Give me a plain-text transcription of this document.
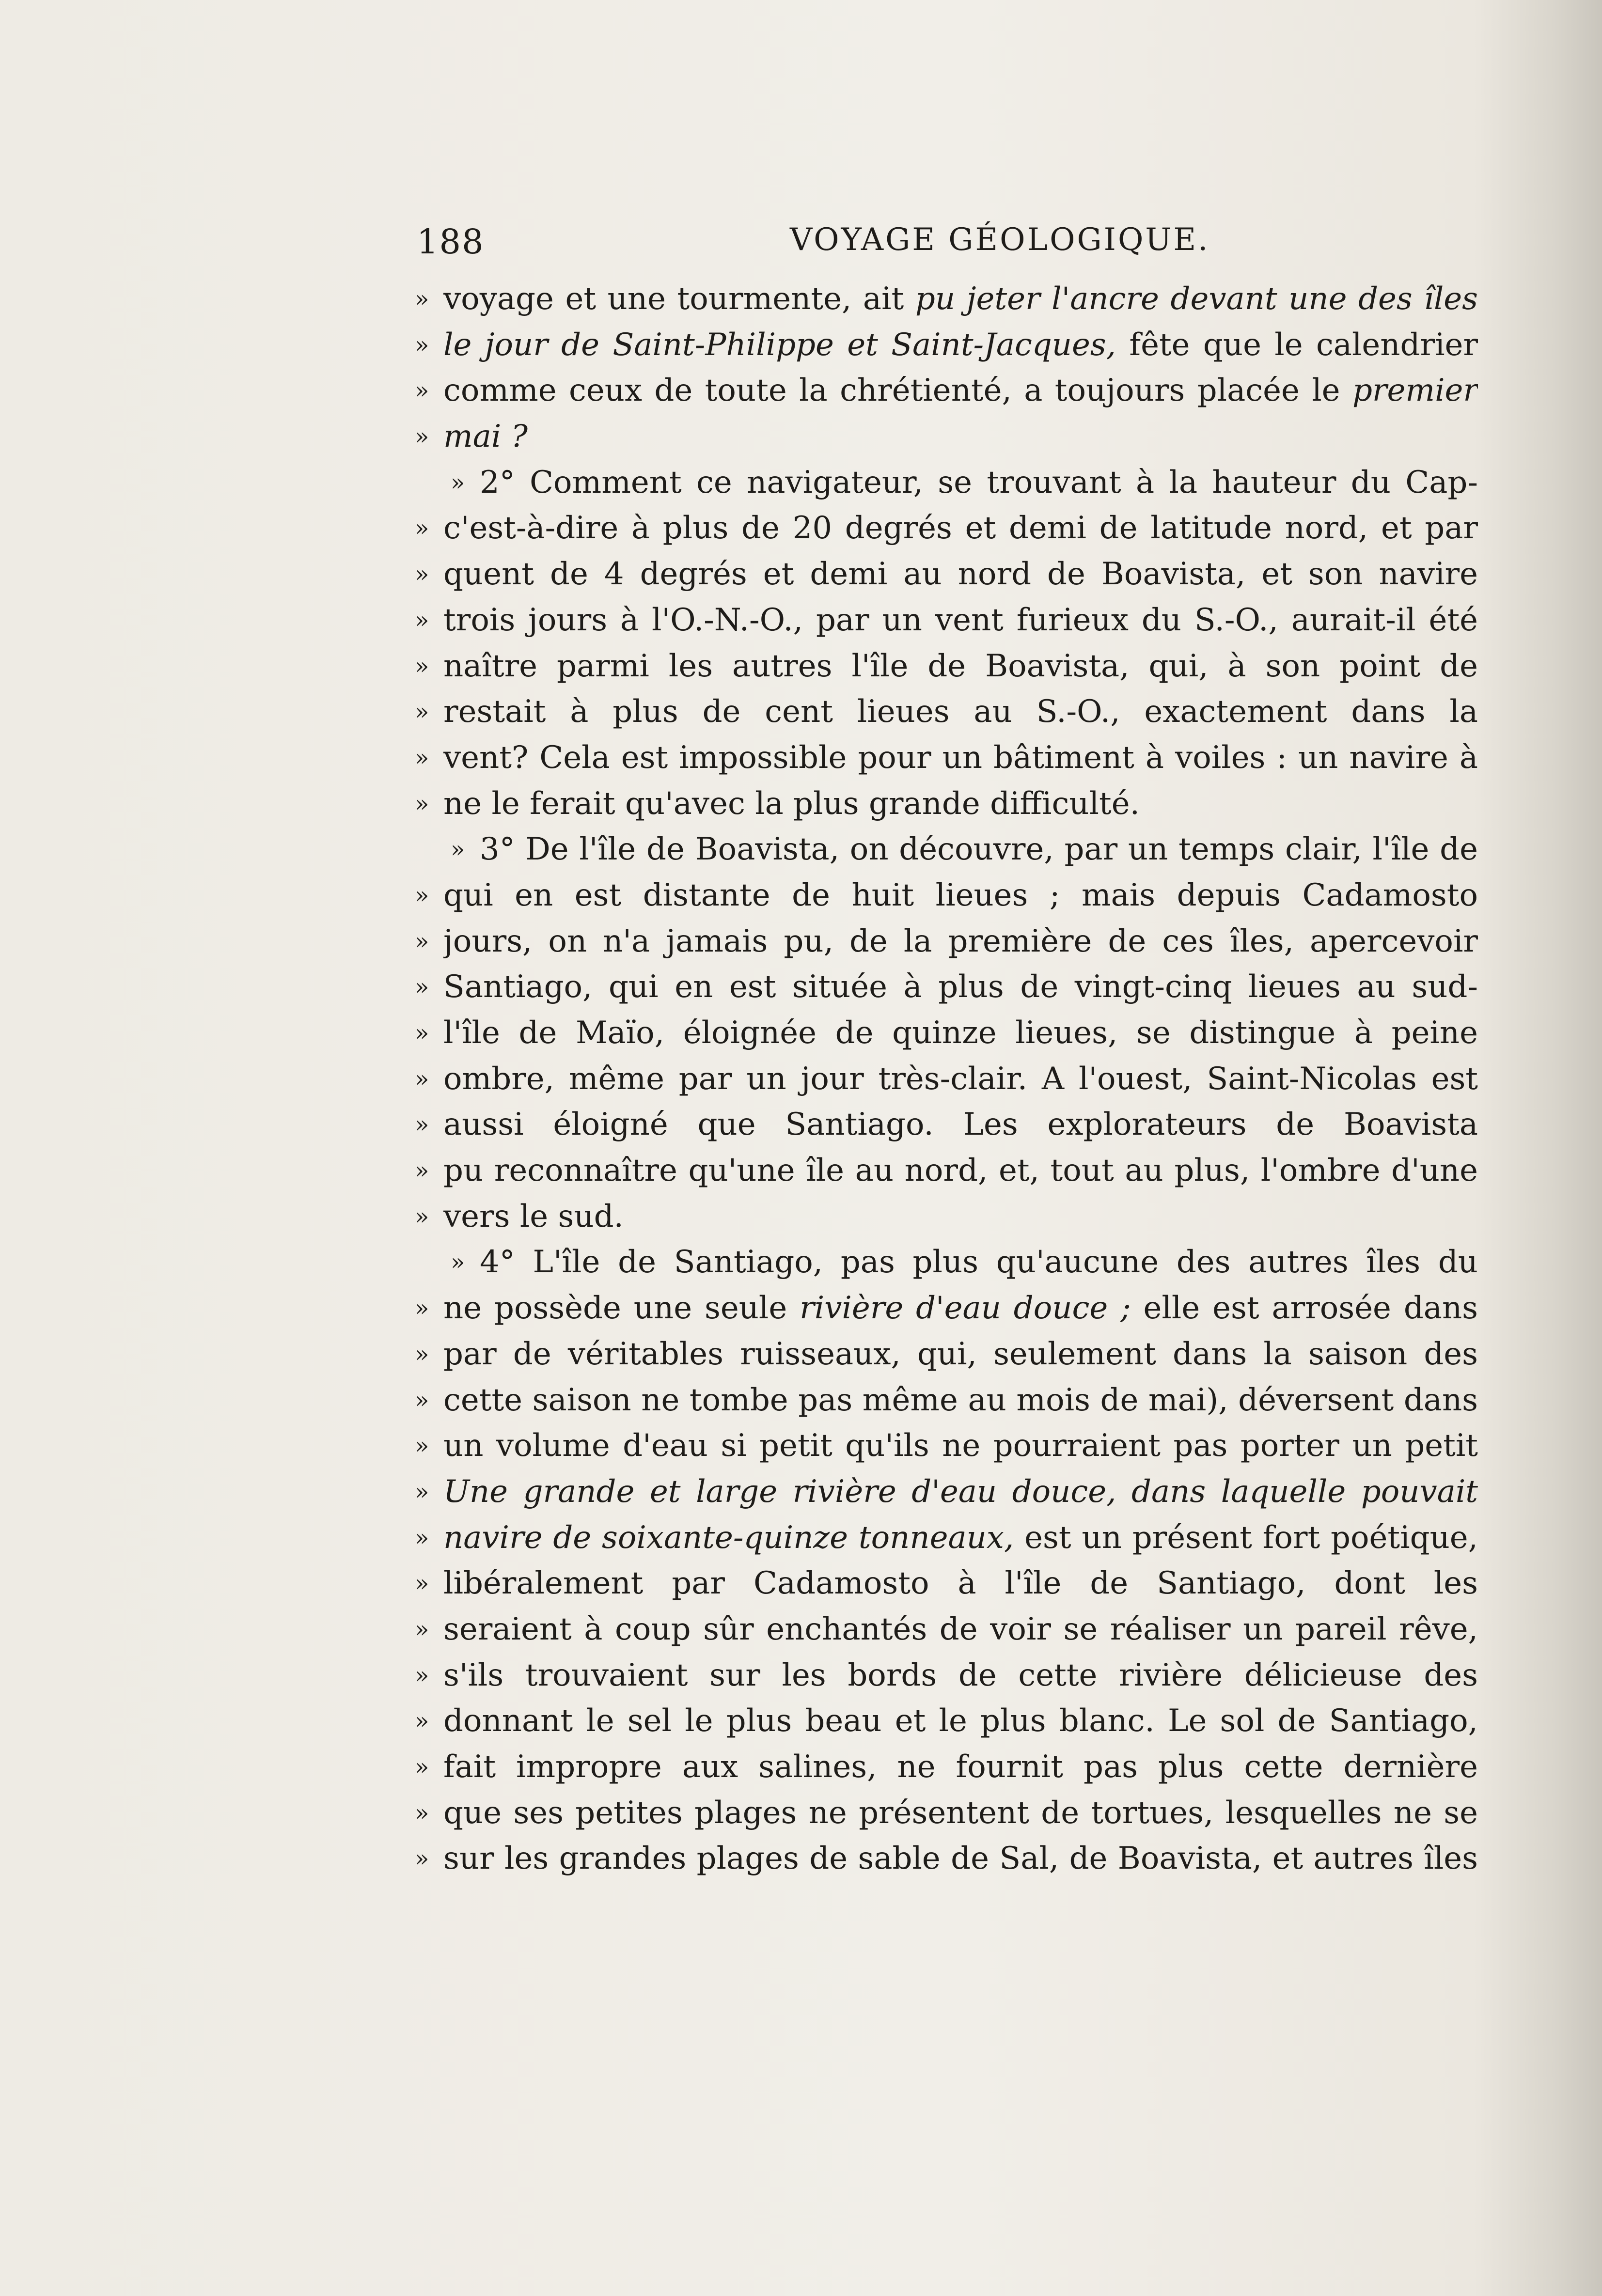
188	VOYAGE GÉOLOGIQUE.
» voyage et une tourmente, ait pu jeter l'ancre devant une des îles
» le jour de Saint-Philippe et Saint-Jacques, fête que le calendrier
» comme ceux de toute la chrétienté, a toujours placée le premier
» mai ?
» 2° Comment ce navigateur, se trouvant à la hauteur du Cap-
» c'est-à-dire à plus de 20 degrés et demi de latitude nord, et par
» quent de 4 degrés et demi au nord de Boavista, et son navire
» trois jours à l'O.-N.-O., par un vent furieux du S.-O., aurait-il été
» naître parmi les autres l'île de Boavista, qui, à son point de
» restait à plus de cent lieues au S.-O., exactement dans la
» vent? Cela est impossible pour un bâtiment à voiles : un navire à
» ne le ferait qu'avec la plus grande difficulté.
» 3° De l'île de Boavista, on découvre, par un temps clair, l'île de
» qui en est distante de huit lieues ; mais depuis Cadamosto
» jours, on n'a jamais pu, de la première de ces îles, apercevoir
» Santiago, qui en est située à plus de vingt-cinq lieues au sud-
» l'île de Maïo, éloignée de quinze lieues, se distingue à peine
» ombre, même par un jour très-clair. A l'ouest, Saint-Nicolas est
» aussi éloigné que Santiago. Les explorateurs de Boavista
» pu reconnaître qu'une île au nord, et, tout au plus, l'ombre d'une
» vers le sud.
» 4° L'île de Santiago, pas plus qu'aucune des autres îles du
» ne possède une seule rivière d'eau douce ; elle est arrosée dans
» par de véritables ruisseaux, qui, seulement dans la saison des
» cette saison ne tombe pas même au mois de mai), déversent dans
» un volume d'eau si petit qu'ils ne pourraient pas porter un petit
» Une grande et large rivière d'eau douce, dans laquelle pouvait
» navire de soixante-quinze tonneaux, est un présent fort poétique,
» libéralement par Cadamosto à l'île de Santiago, dont les
» seraient à coup sûr enchantés de voir se réaliser un pareil rêve,
» s'ils trouvaient sur les bords de cette rivière délicieuse des
» donnant le sel le plus beau et le plus blanc. Le sol de Santiago,
» fait impropre aux salines, ne fournit pas plus cette dernière
» que ses petites plages ne présentent de tortues, lesquelles ne se
» sur les grandes plages de sable de Sal, de Boavista, et autres îles
